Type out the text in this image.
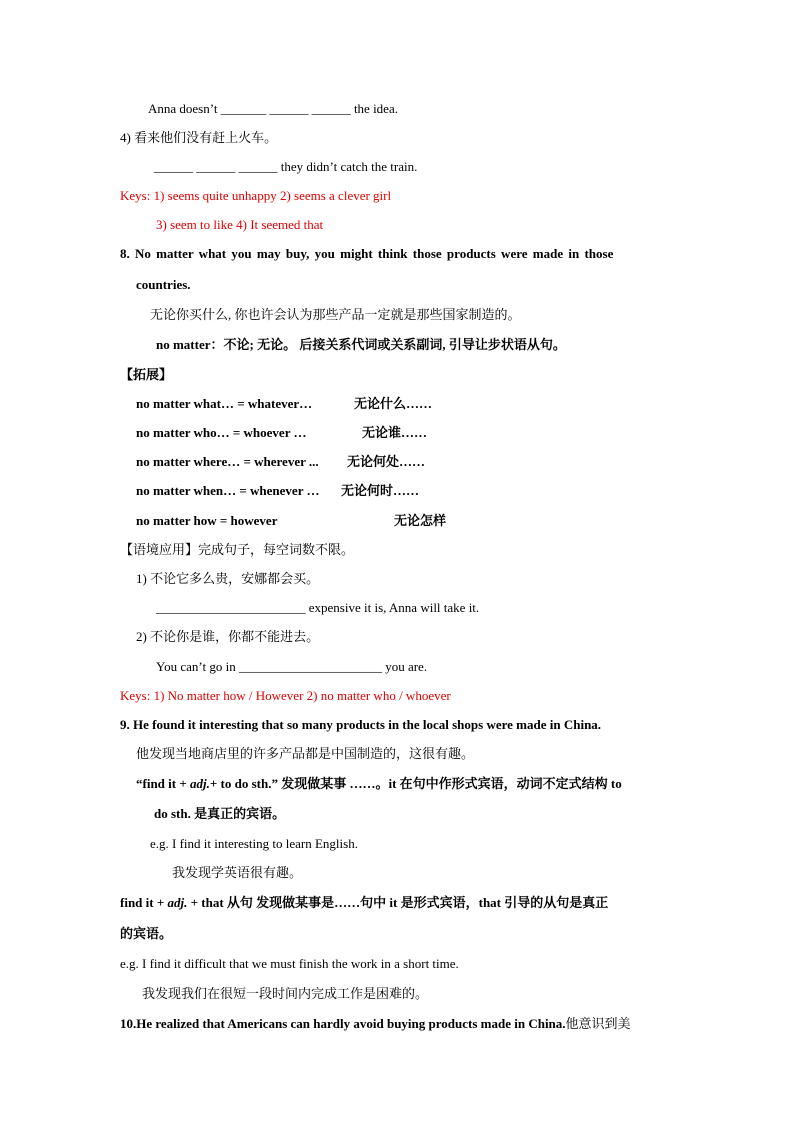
Anna doesn’t _______ ______ ______ the idea.
4) 看来他们没有赶上火车。
______ ______ ______ they didn’t catch the train.
Keys: 1) seems quite unhappy 2) seems a clever girl
3) seem to like 4) It seemed that
8. No matter what you may buy, you might think those products were made in those
countries.
无论你买什么, 你也许会认为那些产品一定就是那些国家制造的。
no matter：不论; 无论。 后接关系代词或关系副词, 引导让步状语从句。
【拓展】
no matter what… = whatever…	无论什么……
no matter who… = whoever …	无论谁……
no matter where… = wherever ... 无论何处……
no matter when… = whenever … 无论何时……
no matter how = however	无论怎样
【语境应用】完成句子，每空词数不限。
1) 不论它多么贵，安娜都会买。
_______________________ expensive it is, Anna will take it.
2) 不论你是谁，你都不能进去。
You can’t go in ______________________ you are.
Keys: 1) No matter how / However 2) no matter who / whoever
9. He found it interesting that so many products in the local shops were made in China.
他发现当地商店里的许多产品都是中国制造的，这很有趣。
“find it + adj.+ to do sth.” 发现做某事 ……。it 在句中作形式宾语，动词不定式结构 to
do sth. 是真正的宾语。
e.g. I find it interesting to learn English.
我发现学英语很有趣。
find it + adj. + that 从句 发现做某事是……句中 it 是形式宾语，that 引导的从句是真正
的宾语。
e.g. I find it difficult that we must finish the work in a short time.
我发现我们在很短一段时间内完成工作是困难的。
10.He realized that Americans can hardly avoid buying products made in China.他意识到美
